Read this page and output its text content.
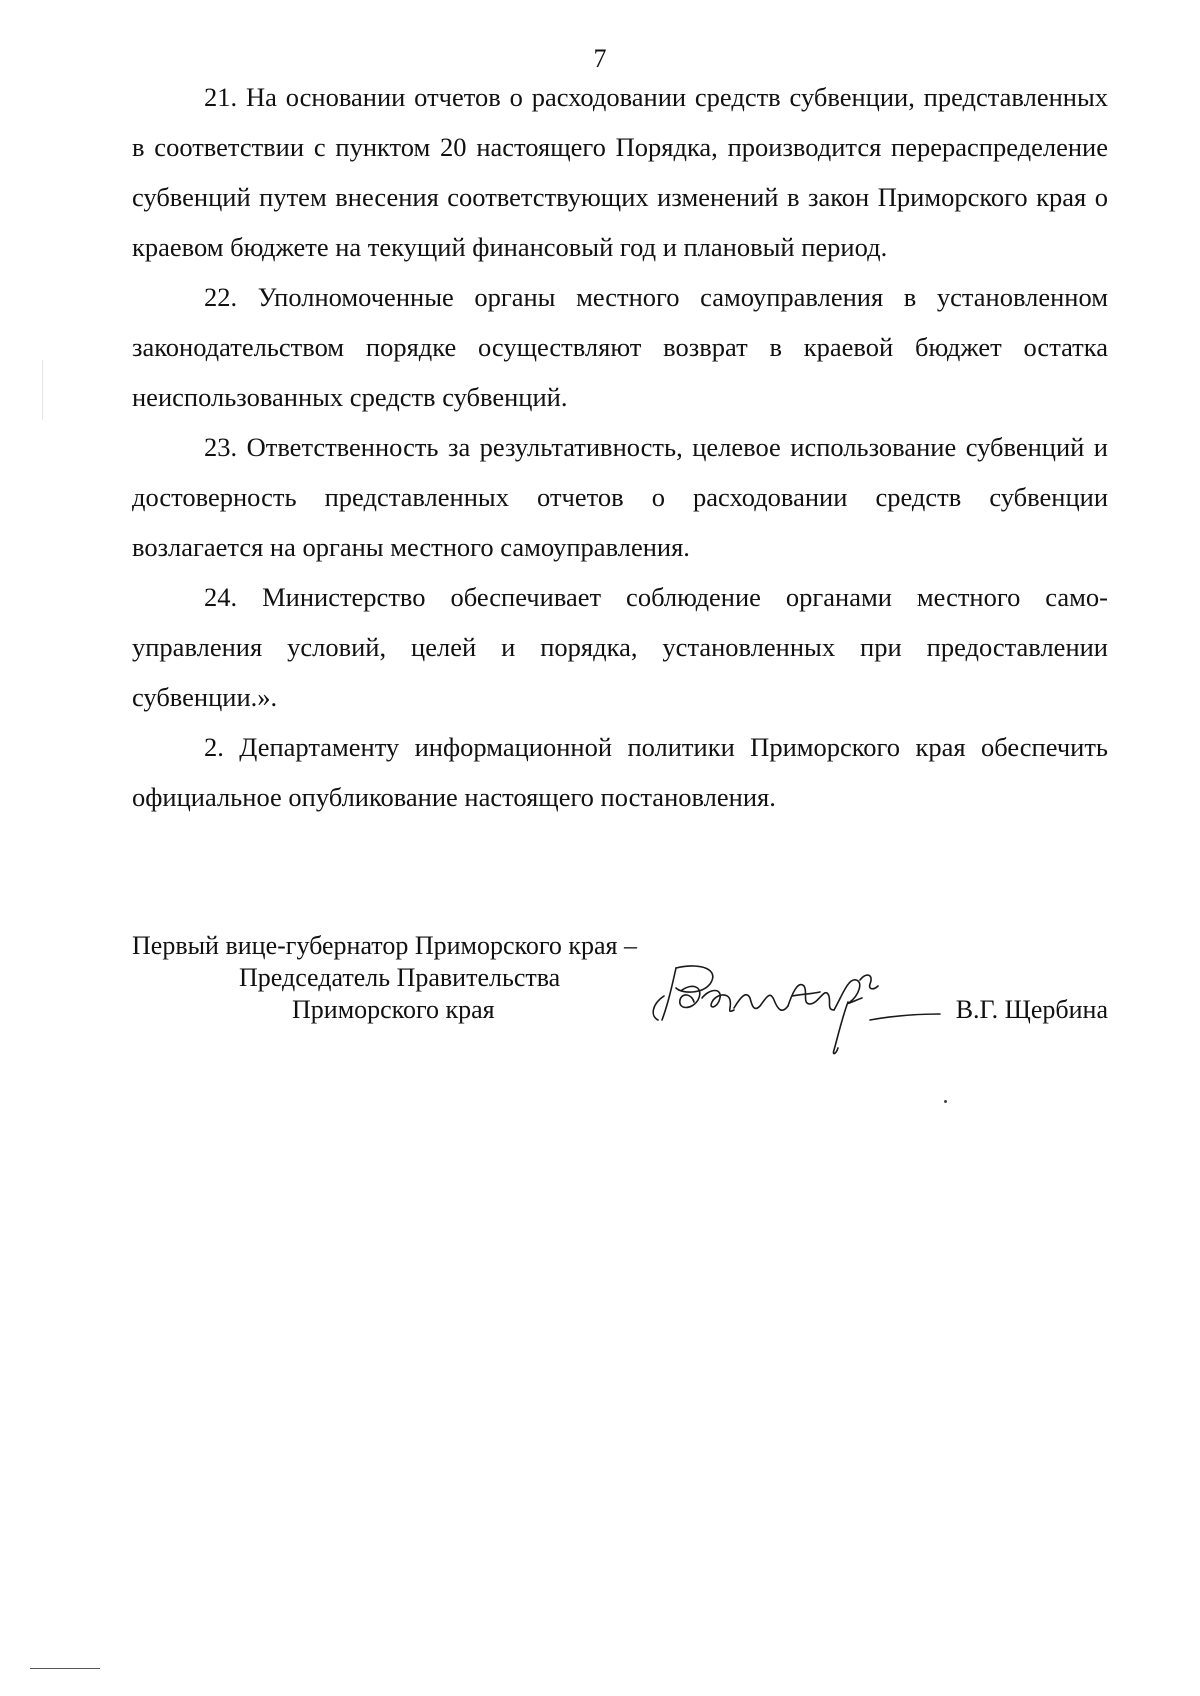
7

21. На основании отчетов о расходовании средств субвенции, представленных в соответствии с пунктом 20 настоящего Порядка, производится перераспределение субвенций путем внесения соответствующих изменений в закон Приморского края о краевом бюджете на текущий финансовый год и плановый период.

22. Уполномоченные органы местного самоуправления в установленном законодательством порядке осуществляют возврат в краевой бюджет остатка неиспользованных средств субвенций.

23. Ответственность за результативность, целевое использование субвенций и достоверность представленных отчетов о расходовании средств субвенции возлагается на органы местного самоуправления.

24. Министерство обеспечивает соблюдение органами местного самоуправления условий, целей и порядка, установленных при предоставлении субвенции.».

2. Департаменту информационной политики Приморского края обеспечить официальное опубликование настоящего постановления.

Первый вице-губернатор Приморского края –
Председатель Правительства
Приморского края	В.Г. Щербина
